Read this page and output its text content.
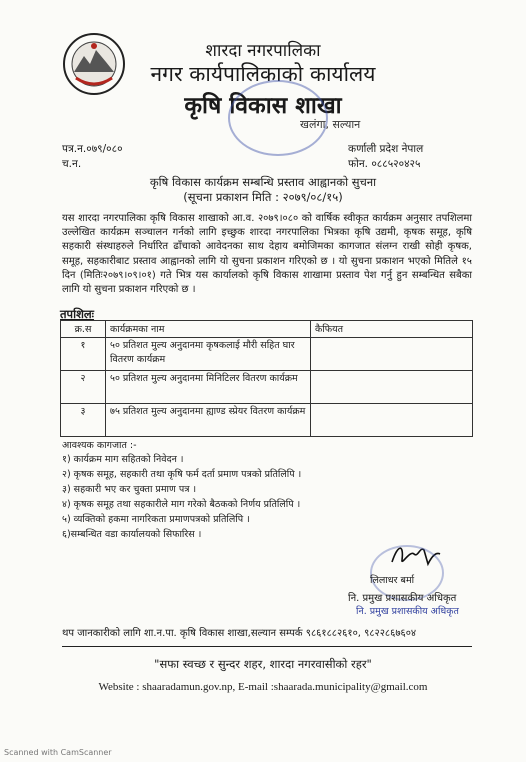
शारदा नगरपालिका
नगर कार्यपालिकाको कार्यालय
कृषि विकास शाखा
खलंगा, सल्यान
पत्र.न.०७९/०८०
च.न.
कर्णाली प्रदेश नेपाल
फोन. ०८८५२०४२५
कृषि विकास कार्यक्रम सम्बन्धि प्रस्ताव आह्वानको सुचना
(सूचना प्रकाशन मिति : २०७९/०८/१५)
यस शारदा नगरपालिका कृषि विकास शाखाको आ.व. २०७९।०८० को वार्षिक स्वीकृत कार्यक्रम अनुसार तपशिलमा उल्लेखित कार्यक्रम सञ्चालन गर्नको लागि इच्छुक शारदा नगरपालिका भित्रका कृषि उद्यमी, कृषक समूह, कृषि सहकारी संस्थाहरुले निर्धारित ढाँचाको आवेदनका साथ देहाय बमोजिमका कागजात संलग्न राखी सोही कृषक, समूह, सहकारीबाट प्रस्ताव आह्वानको लागि यो सुचना प्रकाशन गरिएको छ । यो सुचना प्रकाशन भएको मितिले १५ दिन (मितिः२०७९।०९।०१) गते भित्र यस कार्यालको कृषि विकास शाखामा प्रस्ताव पेश गर्नु हुन सम्बन्धित सबैका लागि यो सुचना प्रकाशन गरिएको छ ।
तपशिलः
क्र.स	कार्यक्रमका नाम	कैफियत
१	५० प्रतिशत मुल्य अनुदानमा कृषकलाई मौरी सहित घार वितरण कार्यक्रम	
२	५० प्रतिशत मुल्य अनुदानमा मिनिटिलर वितरण कार्यक्रम	
३	७५ प्रतिशत मुल्य अनुदानमा ह्याण्ड स्प्रेयर वितरण कार्यक्रम	
आवश्यक कागजात :-
१) कार्यक्रम माग सहितको निवेदन ।
२) कृषक समूह, सहकारी तथा कृषि फर्म दर्ता प्रमाण पत्रको प्रतिलिपि ।
३) सहकारी भए कर चुक्ता प्रमाण पत्र ।
४) कृषक समूह तथा सहकारीले माग गरेको बैठकको निर्णय प्रतिलिपि ।
५) व्यक्तिको हकमा नागरिकता प्रमाणपत्रको प्रतिलिपि ।
६)सम्बन्धित वडा कार्यालयको सिफारिस ।
लिलाधर बर्मा
नि. प्रमुख प्रशासकीय अधिकृत
नि. प्रमुख प्रशासकीय अधिकृत
थप जानकारीको लागि शा.न.पा. कृषि विकास शाखा,सल्यान सम्पर्क ९८६१८८२६१०, ९८२२८६७६०४
"सफा स्वच्छ र सुन्दर शहर, शारदा नगरवासीको रहर"
Website : shaaradamun.gov.np, E-mail :shaarada.municipality@gmail.com
Scanned with CamScanner
